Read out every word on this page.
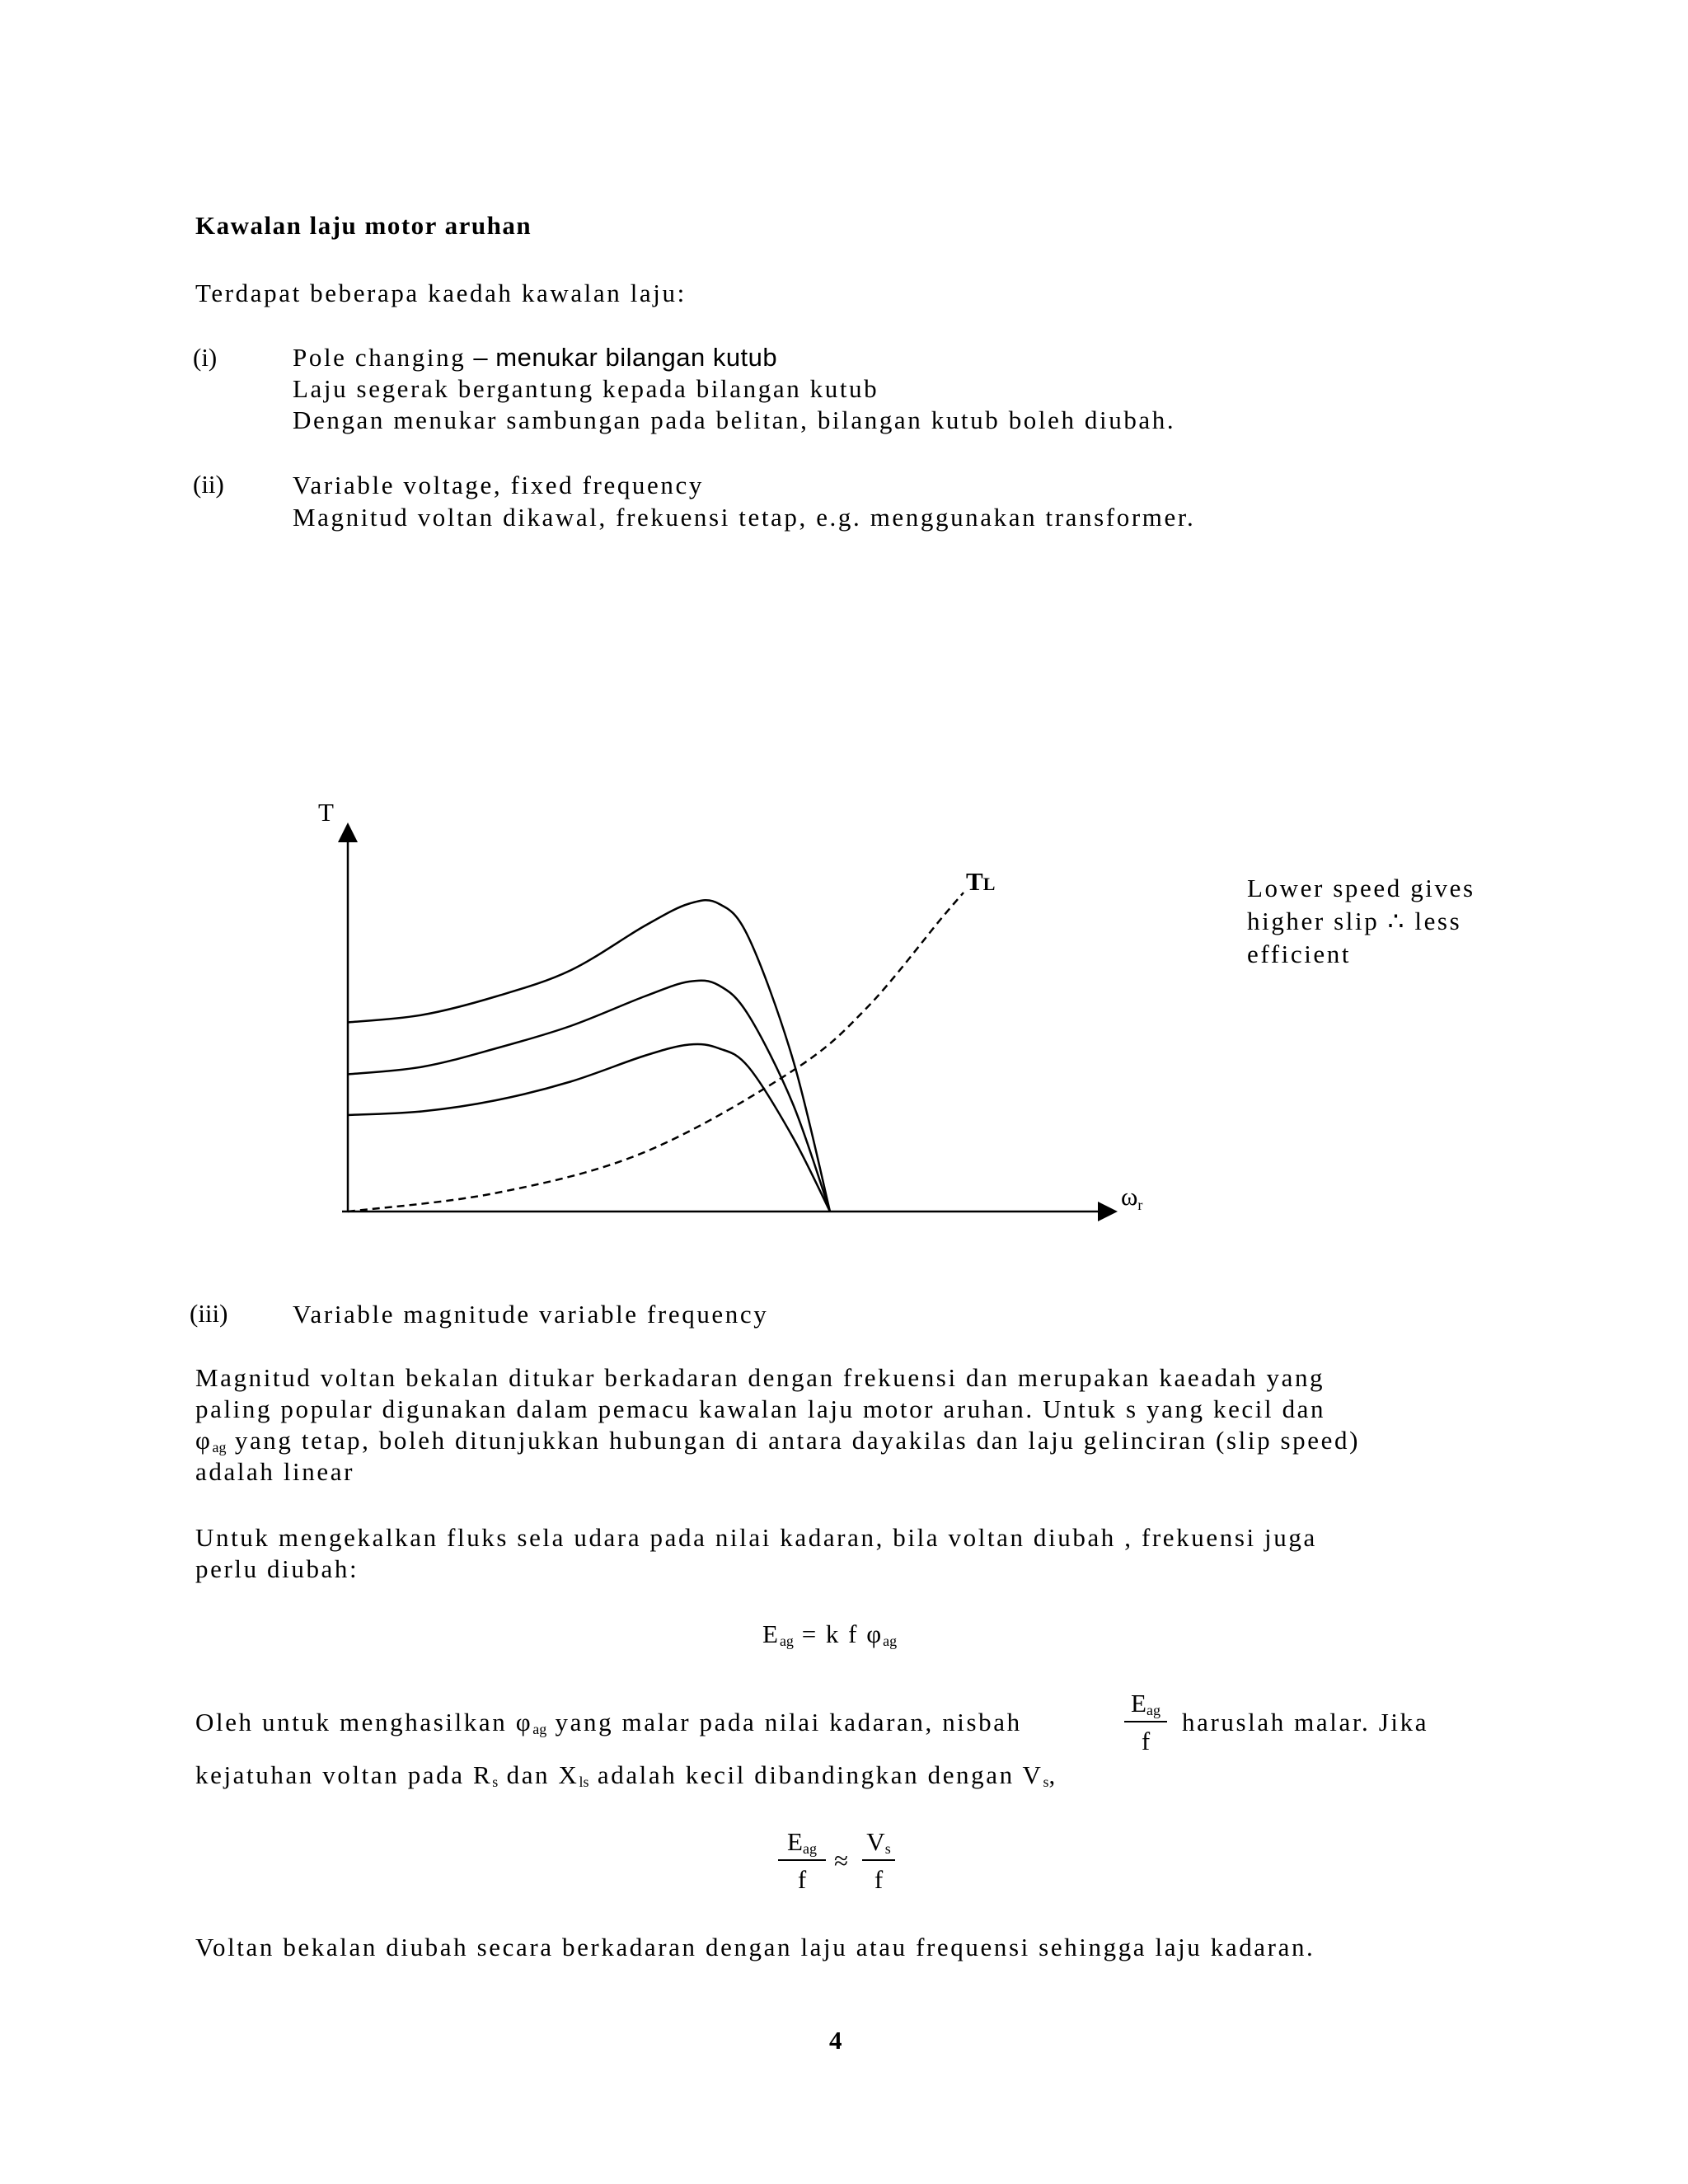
Kawalan laju motor aruhan
Terdapat beberapa kaedah kawalan laju:
(i)	Pole changing – menukar bilangan kutub
Laju segerak bergantung kepada bilangan kutub
Dengan menukar sambungan pada belitan, bilangan kutub boleh diubah.
(ii)	Variable voltage, fixed frequency
Magnitud voltan dikawal, frekuensi tetap, e.g. menggunakan transformer.
T
ωr
TL	Lower speed gives higher slip ∴ less efficient
(iii)	Variable magnitude variable frequency
Magnitud voltan bekalan ditukar berkadaran dengan frekuensi dan merupakan kaeadah yang
paling popular digunakan dalam pemacu kawalan laju motor aruhan. Untuk s yang kecil dan
$\varphi_{ag}$ yang tetap, boleh ditunjukkan hubungan di antara dayakilas dan laju gelinciran (slip speed)
adalah linear
Untuk mengekalkan fluks sela udara pada nilai kadaran, bila voltan diubah , frekuensi juga
perlu diubah:
$E_{ag} = k$ f $\varphi_{ag}$
Oleh untuk menghasilkan $\varphi_{ag}$ yang malar pada nilai kadaran, nisbah
$E_{ag}$
f
haruslah malar. Jika
kejatuhan voltan pada $R_s$ dan $X_{ls}$ adalah kecil dibandingkan dengan $V_s$,
$E_{ag}$
f
≈
$V_s$
f
Voltan bekalan diubah secara berkadaran dengan laju atau frequensi sehingga laju kadaran.
4
